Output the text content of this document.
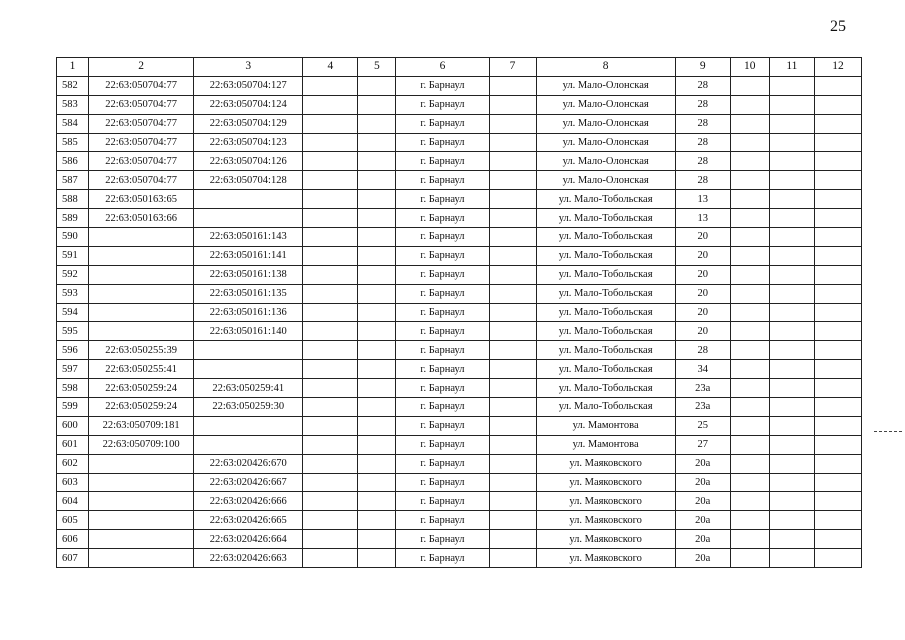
25
1	2	3	4	5	6	7	8	9	10	11	12
582	22:63:050704:77	22:63:050704:127			г. Барнаул		ул. Мало-Олонская	28			
583	22:63:050704:77	22:63:050704:124			г. Барнаул		ул. Мало-Олонская	28			
584	22:63:050704:77	22:63:050704:129			г. Барнаул		ул. Мало-Олонская	28			
585	22:63:050704:77	22:63:050704:123			г. Барнаул		ул. Мало-Олонская	28			
586	22:63:050704:77	22:63:050704:126			г. Барнаул		ул. Мало-Олонская	28			
587	22:63:050704:77	22:63:050704:128			г. Барнаул		ул. Мало-Олонская	28			
588	22:63:050163:65				г. Барнаул		ул. Мало-Тобольская	13			
589	22:63:050163:66				г. Барнаул		ул. Мало-Тобольская	13			
590		22:63:050161:143			г. Барнаул		ул. Мало-Тобольская	20			
591		22:63:050161:141			г. Барнаул		ул. Мало-Тобольская	20			
592		22:63:050161:138			г. Барнаул		ул. Мало-Тобольская	20			
593		22:63:050161:135			г. Барнаул		ул. Мало-Тобольская	20			
594		22:63:050161:136			г. Барнаул		ул. Мало-Тобольская	20			
595		22:63:050161:140			г. Барнаул		ул. Мало-Тобольская	20			
596	22:63:050255:39				г. Барнаул		ул. Мало-Тобольская	28			
597	22:63:050255:41				г. Барнаул		ул. Мало-Тобольская	34			
598	22:63:050259:24	22:63:050259:41			г. Барнаул		ул. Мало-Тобольская	23а			
599	22:63:050259:24	22:63:050259:30			г. Барнаул		ул. Мало-Тобольская	23а			
600	22:63:050709:181				г. Барнаул		ул. Мамонтова	25			
601	22:63:050709:100				г. Барнаул		ул. Мамонтова	27			
602		22:63:020426:670			г. Барнаул		ул. Маяковского	20а			
603		22:63:020426:667			г. Барнаул		ул. Маяковского	20а			
604		22:63:020426:666			г. Барнаул		ул. Маяковского	20а			
605		22:63:020426:665			г. Барнаул		ул. Маяковского	20а			
606		22:63:020426:664			г. Барнаул		ул. Маяковского	20а			
607		22:63:020426:663			г. Барнаул		ул. Маяковского	20а			
